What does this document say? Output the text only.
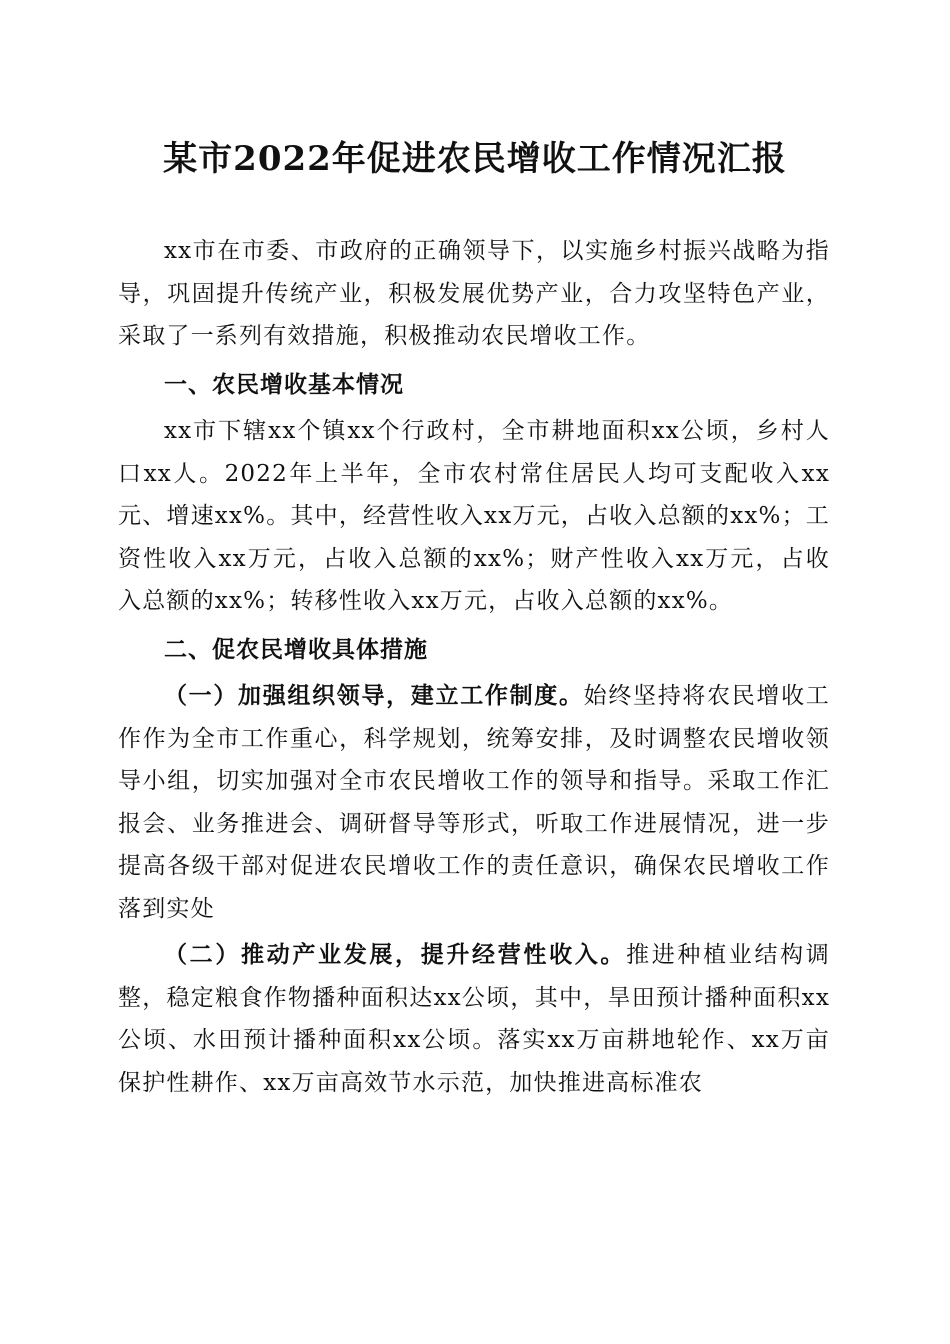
某市2022年促进农民增收工作情况汇报

xx市在市委、市政府的正确领导下，以实施乡村振兴战略为指导，巩固提升传统产业，积极发展优势产业，合力攻坚特色产业，采取了一系列有效措施，积极推动农民增收工作。

一、农民增收基本情况

xx市下辖xx个镇xx个行政村，全市耕地面积xx公顷，乡村人口xx人。2022年上半年，全市农村常住居民人均可支配收入xx元、增速xx%。其中，经营性收入xx万元，占收入总额的xx%；工资性收入xx万元，占收入总额的xx%；财产性收入xx万元，占收入总额的xx%；转移性收入xx万元，占收入总额的xx%。

二、促农民增收具体措施

（一）加强组织领导，建立工作制度。始终坚持将农民增收工作作为全市工作重心，科学规划，统筹安排，及时调整农民增收领导小组，切实加强对全市农民增收工作的领导和指导。采取工作汇报会、业务推进会、调研督导等形式，听取工作进展情况，进一步提高各级干部对促进农民增收工作的责任意识，确保农民增收工作落到实处

（二）推动产业发展，提升经营性收入。推进种植业结构调整，稳定粮食作物播种面积达xx公顷，其中，旱田预计播种面积xx公顷、水田预计播种面积xx公顷。落实xx万亩耕地轮作、xx万亩保护性耕作、xx万亩高效节水示范，加快推进高标准农
